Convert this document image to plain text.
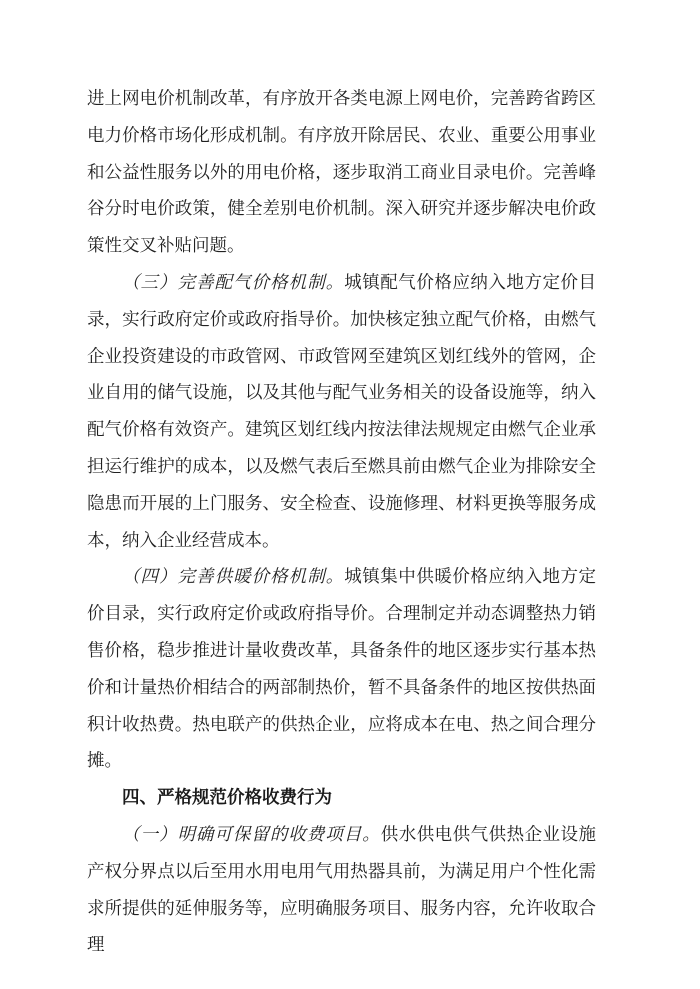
进上网电价机制改革，有序放开各类电源上网电价，完善跨省跨区电力价格市场化形成机制。有序放开除居民、农业、重要公用事业和公益性服务以外的用电价格，逐步取消工商业目录电价。完善峰谷分时电价政策，健全差别电价机制。深入研究并逐步解决电价政策性交叉补贴问题。

（三）完善配气价格机制。城镇配气价格应纳入地方定价目录，实行政府定价或政府指导价。加快核定独立配气价格，由燃气企业投资建设的市政管网、市政管网至建筑区划红线外的管网，企业自用的储气设施，以及其他与配气业务相关的设备设施等，纳入配气价格有效资产。建筑区划红线内按法律法规规定由燃气企业承担运行维护的成本，以及燃气表后至燃具前由燃气企业为排除安全隐患而开展的上门服务、安全检查、设施修理、材料更换等服务成本，纳入企业经营成本。

（四）完善供暖价格机制。城镇集中供暖价格应纳入地方定价目录，实行政府定价或政府指导价。合理制定并动态调整热力销售价格，稳步推进计量收费改革，具备条件的地区逐步实行基本热价和计量热价相结合的两部制热价，暂不具备条件的地区按供热面积计收热费。热电联产的供热企业，应将成本在电、热之间合理分摊。

四、严格规范价格收费行为

（一）明确可保留的收费项目。供水供电供气供热企业设施产权分界点以后至用水用电用气用热器具前，为满足用户个性化需求所提供的延伸服务等，应明确服务项目、服务内容，允许收取合理
